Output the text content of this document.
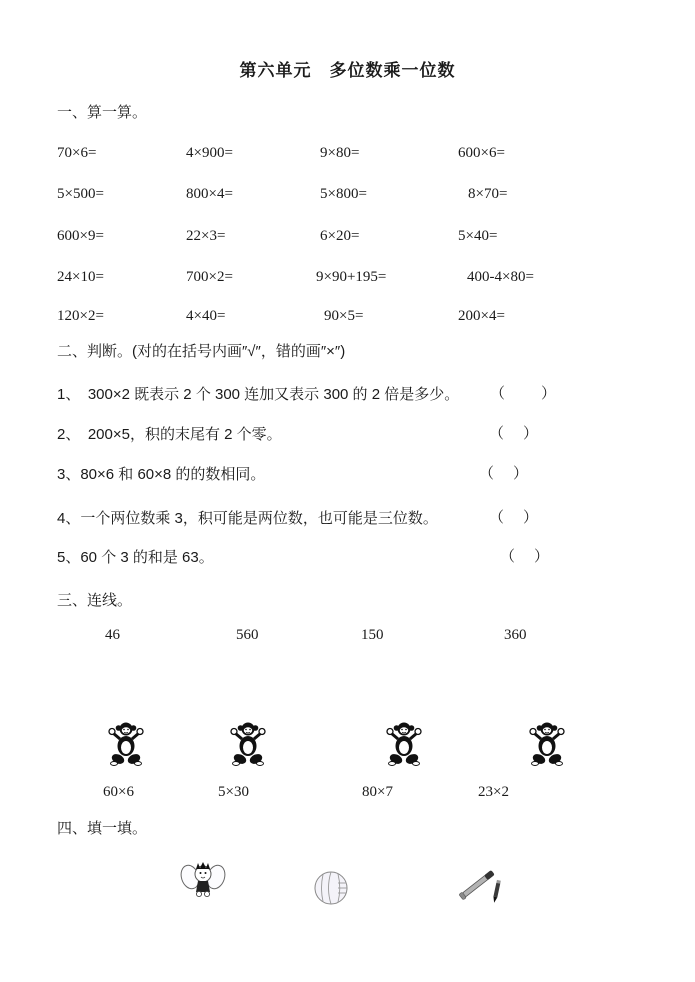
第六单元　多位数乘一位数
一、算一算。
70×6=	4×900=	9×80=	600×6=
5×500=	800×4=	5×800=	8×70=
600×9=	22×3=	6×20=	5×40=
24×10=	700×2=	9×90+195=	400-4×80=
120×2=	4×40=	90×5=	200×4=
二、判断。(对的在括号内画″√″，错的画″×″)
1、　300×2 既表示 2 个 300 连加又表示 300 的 2 倍是多少。 （　　）
2、　200×5，积的末尾有 2 个零。	（　）
3、80×6 和 60×8 的的数相同。	（　）
4、一个两位数乘 3，积可能是两位数，也可能是三位数。	（　）
5、60 个 3 的和是 63。	（　）
三、连线。
46	560	150	360
60×6	5×30	80×7	23×2
四、填一填。
